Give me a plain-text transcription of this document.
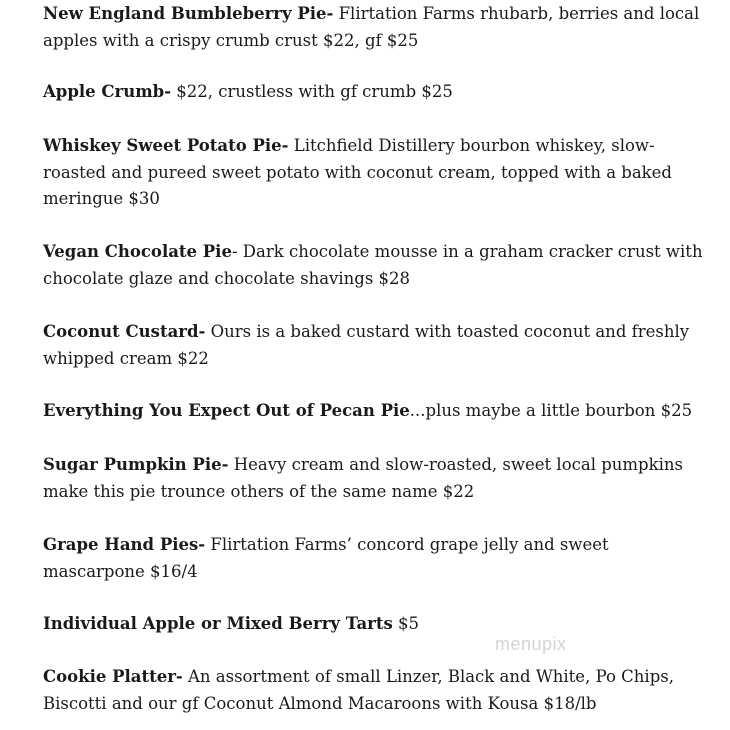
New England Bumbleberry Pie- Flirtation Farms rhubarb, berries and local apples with a crispy crumb crust $22, gf $25
Apple Crumb- $22, crustless with gf crumb $25
Whiskey Sweet Potato Pie- Litchfield Distillery bourbon whiskey, slow-roasted and pureed sweet potato with coconut cream, topped with a baked meringue $30
Vegan Chocolate Pie- Dark chocolate mousse in a graham cracker crust with chocolate glaze and chocolate shavings $28
Coconut Custard- Ours is a baked custard with toasted coconut and freshly whipped cream $22
Everything You Expect Out of Pecan Pie...plus maybe a little bourbon $25
Sugar Pumpkin Pie- Heavy cream and slow-roasted, sweet local pumpkins make this pie trounce others of the same name $22
Grape Hand Pies- Flirtation Farms’ concord grape jelly and sweet mascarpone $16/4
Individual Apple or Mixed Berry Tarts $5
Cookie Platter- An assortment of small Linzer, Black and White, Po Chips, Biscotti and our gf Coconut Almond Macaroons with Kousa $18/lb
menupix
